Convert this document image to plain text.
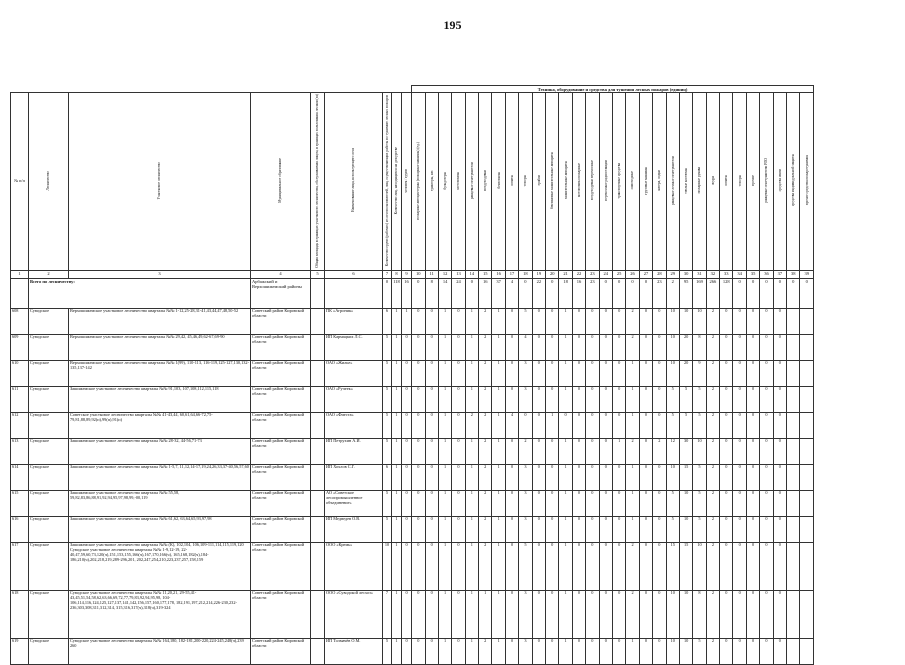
195
									Техника, оборудование и средства для тушения лесных пожаров (единиц)																													
№ п/п	Лесничество	Участковое лесничество	Муниципальное образование	Общая площадь в границах участкового лесничества, обслуживаемая лицом, в границах пользования лесами (га)	Наименование лица, использующего леса	Количество групп (рабочих) из лесопользователей, лиц, осуществляющих работы по тушению лесных пожаров	Количество лиц, находящихся на дежурстве	человек / групп	пожарные автоцистерны (пожарные машины) (ед.)	тракторы, шт.	бульдозеры	мотопомпы	ранцевые огнетушители	воздуходувки	бензопилы	лопаты	топоры	грабли	бензиновые зажигательные аппараты	зажигательные аппараты	мотопомпы пожарные	воздуходувки переносные	переносные радиостанции	транспортные средства	самоходные	грузовые машины	катера, лодки	ранцевые лесные огнетушители	теплые костюмы	пожарные рукава	ведра	лопаты	топоры	прочие	ранцевые огнетушители РЛО	средства связи	средства индивидуальной защиты	прочие средства пожаротушения
1	2	3	4	5	6	7	8	9	10	11	12	13	14	15	16	17	18	19	20	21	22	23	24	25	26	27	28	29	30	31	32	33	34	35	36	37	38	39
	Всего по лесничеству:		Арбажский и Верхошижемский районы			0	118	16	0	8	14	24	0	16	37	4	0	22	0	18	16	23	0	0	0	0	23	2	95	169	266	128	0	0	0	0	0	0
608	Суводское	Верхошижемское участковое лесничество кварталы №№ 1-12,25-28,31-41,43,44,47,48,50-52	Советский район Кировской области		ПК «Агроник»	6	1	1	0	0	1	0	1	2	1	0	5	0	0	1	0	0	0	0	2	0	0	10	10	10	2	0	0	0	0	0		
609	Суводское	Верхошижемское участковое лесничество кварталы №№ 29,42, 45,46,49,62-67,69-90	Советский район Кировской области		ИП Кармацких Л.С.	5	1	0	0	0	1	0	1	2	1	0	4	0	0	1	0	0	0	0	2	0	0	10	20	8	2	0	0	0	0	0		
610	Суводское	Верхошижемское участковое лесничество кварталы №№ 1(99), 110-113, 116-119,125-127,130,132-135,137-142	Советский район Кировской области		ОАО «Жилье»	5	1	0	0	0	1	0	1	2	1	0	3	0	0	1	0	0	0	0	1	0	0	10	20	9	2	0	0	0	0	0		
611	Суводское	Зашижемское участковое лесничество кварталы №№ 91,103, 107,108,112,115,118	Советский район Кировской области		ОАО «Ручеек»	5	1	0	0	0	1	0	1	2	1	0	3	0	0	1	0	0	0	0	1	0	0	5	5	5	2	0	0	0	0	0		
612	Суводское	Советское участковое лесничество кварталы №№ 41-43,44, 60,61,64,66-72,75-79,81,88,89,92(п),99(п),91(п)	Советский район Кировской области		ОАО «Фиеста»	5	1	0	0	0	1	0	2	2	1	4	0	0	1	0	0	0	0	0	1	0	0	5	5	5	2	0	0	0	0	0		
613	Суводское	Зашижемское участковое лесничество кварталы №№ 28-32, 44-56,71-73	Советский район Кировской области		ИП Петрухин А.И.	5	1	0	0	0	1	0	1	2	1	0	2	0	0	1	0	0	0	1	2	0	2	12	30	10	2	0	0	0	0	0		
614	Суводское	Зашижемское участковое лесничество кварталы №№ 1-5,7, 11,12,14-17,19,24,26,33,37-40,56,57,60	Советский район Кировской области		ИП Хохлов С.Г.	6	1	0	0	0	1	0	1	2	1	0	3	0	0	1	0	0	0	0	1	0	0	10	15	5	2	0	0	0	0	0		
615	Суводское	Зашижемское участковое лесничество кварталы №№ 55,58, 59,82,83,86,88,91,92,94,95,97,98,99,-00,119	Советский район Кировской области		АО «Советское лесопромышленное объединение»	5	1	0	0	0	1	0	1	2	1	0	3	0	0	1	0	0	0	0	1	0	0	5	10	5	2	0	0	0	0	0		
616	Суводское	Зашижемское участковое лесничество кварталы №№ 61,62, 63,64,65,93,97,98	Советский район Кировской области		ИП Медведев О.В.	5	1	0	0	0	1	0	1	2	1	0	3	0	0	1	0	0	0	0	1	0	0	5	10	5	2	0	0	0	0	0		
617	Суводское	Зашижемское участковое лесничество кварталы №№ (К), 102,104, 106,109-111,114,115,119,120 Суводское участковое лесничество кварталы №№ 1-9,12-19, 22-40,47,59,60,73,120(ч),151,153,155,166(ч),167,170,166(ч), 165,168,182(ч),184-186,210(ч),202,218,219,289-296,201, 202,247,254,210,223,237,257,158,159	Советский район Кировской области		ООО «Кремь»	10	1	0	0	0	1	0	1	2	1	0	5	0	0	1	0	0	0	0	2	0	0	15	15	10	2	0	0	0	0	0		
618	Суводское	Суводское участковое лесничество кварталы №№ 11,20,21, 29-55,41-43,45,51,54,58,62,63,66,69,72,77,79,83,92,94,95,98, 104-106,114,116,124,125,127,137,141,142,156,157,160,177,178, 182,191,197,212,214,226-230,232-236,303,308,311,312,314, 315,316,317(ч),318(ч),319-324	Советский район Кировской области		ООО «Суводской лесхоз»	7	1	0	0	0	1	0	1	1	1	0	3	0	0	1	0	0	0	0	2	0	0	10	10	8	2	0	0	0	0	0		
619	Суводское	Суводское участковое лесничество кварталы №№ 164,180, 182-181,200-220,224-245,248(ч),239 260	Советский район Кировской области		ИП Толмачёв О.М.	5	1	0	0	0	1	0	1	2	1	0	3	0	0	1	0	0	0	0	1	0	0	10	10	5	2	0	0	0	0	0		
